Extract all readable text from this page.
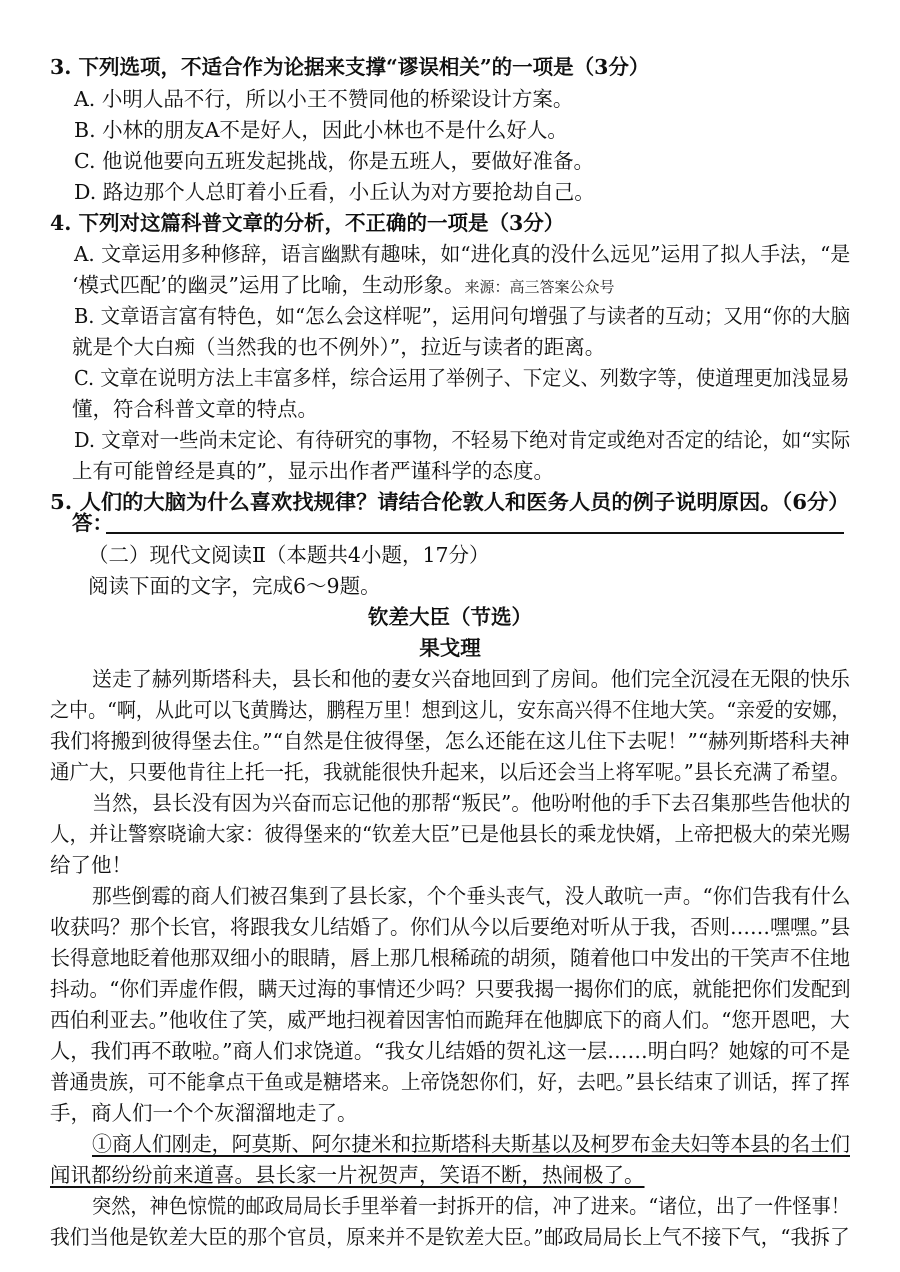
3. 下列选项，不适合作为论据来支撑“谬误相关”的一项是（3分）
A. 小明人品不行，所以小王不赞同他的桥梁设计方案。
B. 小林的朋友A不是好人，因此小林也不是什么好人。
C. 他说他要向五班发起挑战，你是五班人，要做好准备。
D. 路边那个人总盯着小丘看，小丘认为对方要抢劫自己。
4. 下列对这篇科普文章的分析，不正确的一项是（3分）
A. 文章运用多种修辞，语言幽默有趣味，如“进化真的没什么远见”运用了拟人手法，“是
‘模式匹配’的幽灵”运用了比喻，生动形象。来源：高三答案公众号
B. 文章语言富有特色，如“怎么会这样呢”，运用问句增强了与读者的互动；又用“你的大脑
就是个大白痴（当然我的也不例外）”，拉近与读者的距离。
C. 文章在说明方法上丰富多样，综合运用了举例子、下定义、列数字等，使道理更加浅显易
懂，符合科普文章的特点。
D. 文章对一些尚未定论、有待研究的事物，不轻易下绝对肯定或绝对否定的结论，如“实际
上有可能曾经是真的”，显示出作者严谨科学的态度。
5. 人们的大脑为什么喜欢找规律？请结合伦敦人和医务人员的例子说明原因。（6分）
答：
（二）现代文阅读Ⅱ（本题共4小题，17分）
阅读下面的文字，完成6～9题。
钦差大臣（节选）
果戈理
送走了赫列斯塔科夫，县长和他的妻女兴奋地回到了房间。他们完全沉浸在无限的快乐
之中。“啊，从此可以飞黄腾达，鹏程万里！想到这儿，安东高兴得不住地大笑。“亲爱的安娜，
我们将搬到彼得堡去住。”“自然是住彼得堡，怎么还能在这儿住下去呢！”“赫列斯塔科夫神
通广大，只要他肯往上托一托，我就能很快升起来，以后还会当上将军呢。”县长充满了希望。
当然，县长没有因为兴奋而忘记他的那帮“叛民”。他吩咐他的手下去召集那些告他状的
人，并让警察晓谕大家：彼得堡来的“钦差大臣”已是他县长的乘龙快婿，上帝把极大的荣光赐
给了他！
那些倒霉的商人们被召集到了县长家，个个垂头丧气，没人敢吭一声。“你们告我有什么
收获吗？那个长官，将跟我女儿结婚了。你们从今以后要绝对听从于我，否则……嘿嘿。”县
长得意地眨着他那双细小的眼睛，唇上那几根稀疏的胡须，随着他口中发出的干笑声不住地
抖动。“你们弄虚作假，瞒天过海的事情还少吗？只要我揭一揭你们的底，就能把你们发配到
西伯利亚去。”他收住了笑，威严地扫视着因害怕而跪拜在他脚底下的商人们。“您开恩吧，大
人，我们再不敢啦。”商人们求饶道。“我女儿结婚的贺礼这一层……明白吗？她嫁的可不是
普通贵族，可不能拿点干鱼或是糖塔来。上帝饶恕你们，好，去吧。”县长结束了训话，挥了挥
手，商人们一个个灰溜溜地走了。
①商人们刚走，阿莫斯、阿尔捷米和拉斯塔科夫斯基以及柯罗布金夫妇等本县的名士们
闻讯都纷纷前来道喜。县长家一片祝贺声，笑语不断，热闹极了。
突然，神色惊慌的邮政局局长手里举着一封拆开的信，冲了进来。“诸位，出了一件怪事！
我们当他是钦差大臣的那个官员，原来并不是钦差大臣。”邮政局局长上气不接下气，“我拆了
